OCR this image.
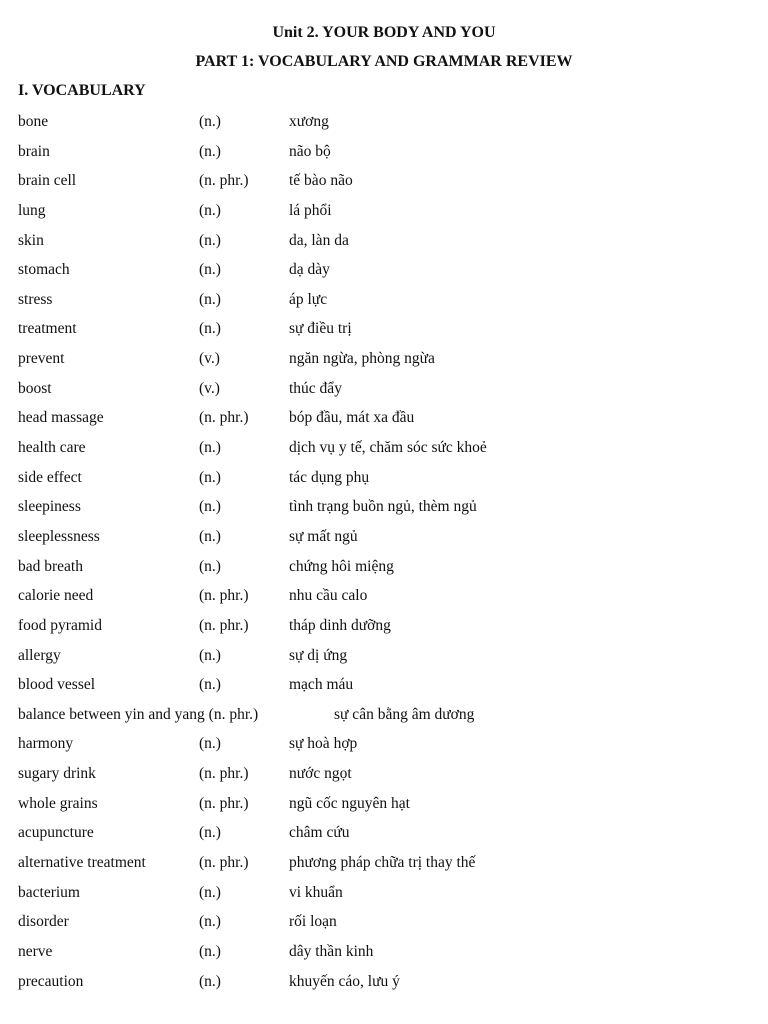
Unit 2. YOUR BODY AND YOU
PART 1: VOCABULARY AND GRAMMAR REVIEW
I. VOCABULARY
bone	(n.)	xương
brain	(n.)	não bộ
brain cell	(n. phr.)	tế bào não
lung	(n.)	lá phổi
skin	(n.)	da, làn da
stomach	(n.)	dạ dày
stress	(n.)	áp lực
treatment	(n.)	sự điều trị
prevent	(v.)	ngăn ngừa, phòng ngừa
boost	(v.)	thúc đẩy
head massage	(n. phr.)	bóp đầu, mát xa đầu
health care	(n.)	dịch vụ y tế, chăm sóc sức khoẻ
side effect	(n.)	tác dụng phụ
sleepiness	(n.)	tình trạng buồn ngủ, thèm ngủ
sleeplessness	(n.)	sự mất ngủ
bad breath	(n.)	chứng hôi miệng
calorie need	(n. phr.)	nhu cầu calo
food pyramid	(n. phr.)	tháp dinh dưỡng
allergy	(n.)	sự dị ứng
blood vessel	(n.)	mạch máu
balance between yin and yang (n. phr.)	sự cân bằng âm dương
harmony	(n.)	sự hoà hợp
sugary drink	(n. phr.)	nước ngọt
whole grains	(n. phr.)	ngũ cốc nguyên hạt
acupuncture	(n.)	châm cứu
alternative treatment	(n. phr.)	phương pháp chữa trị thay thế
bacterium	(n.)	vi khuẩn
disorder	(n.)	rối loạn
nerve	(n.)	dây thần kinh
precaution	(n.)	khuyến cáo, lưu ý
